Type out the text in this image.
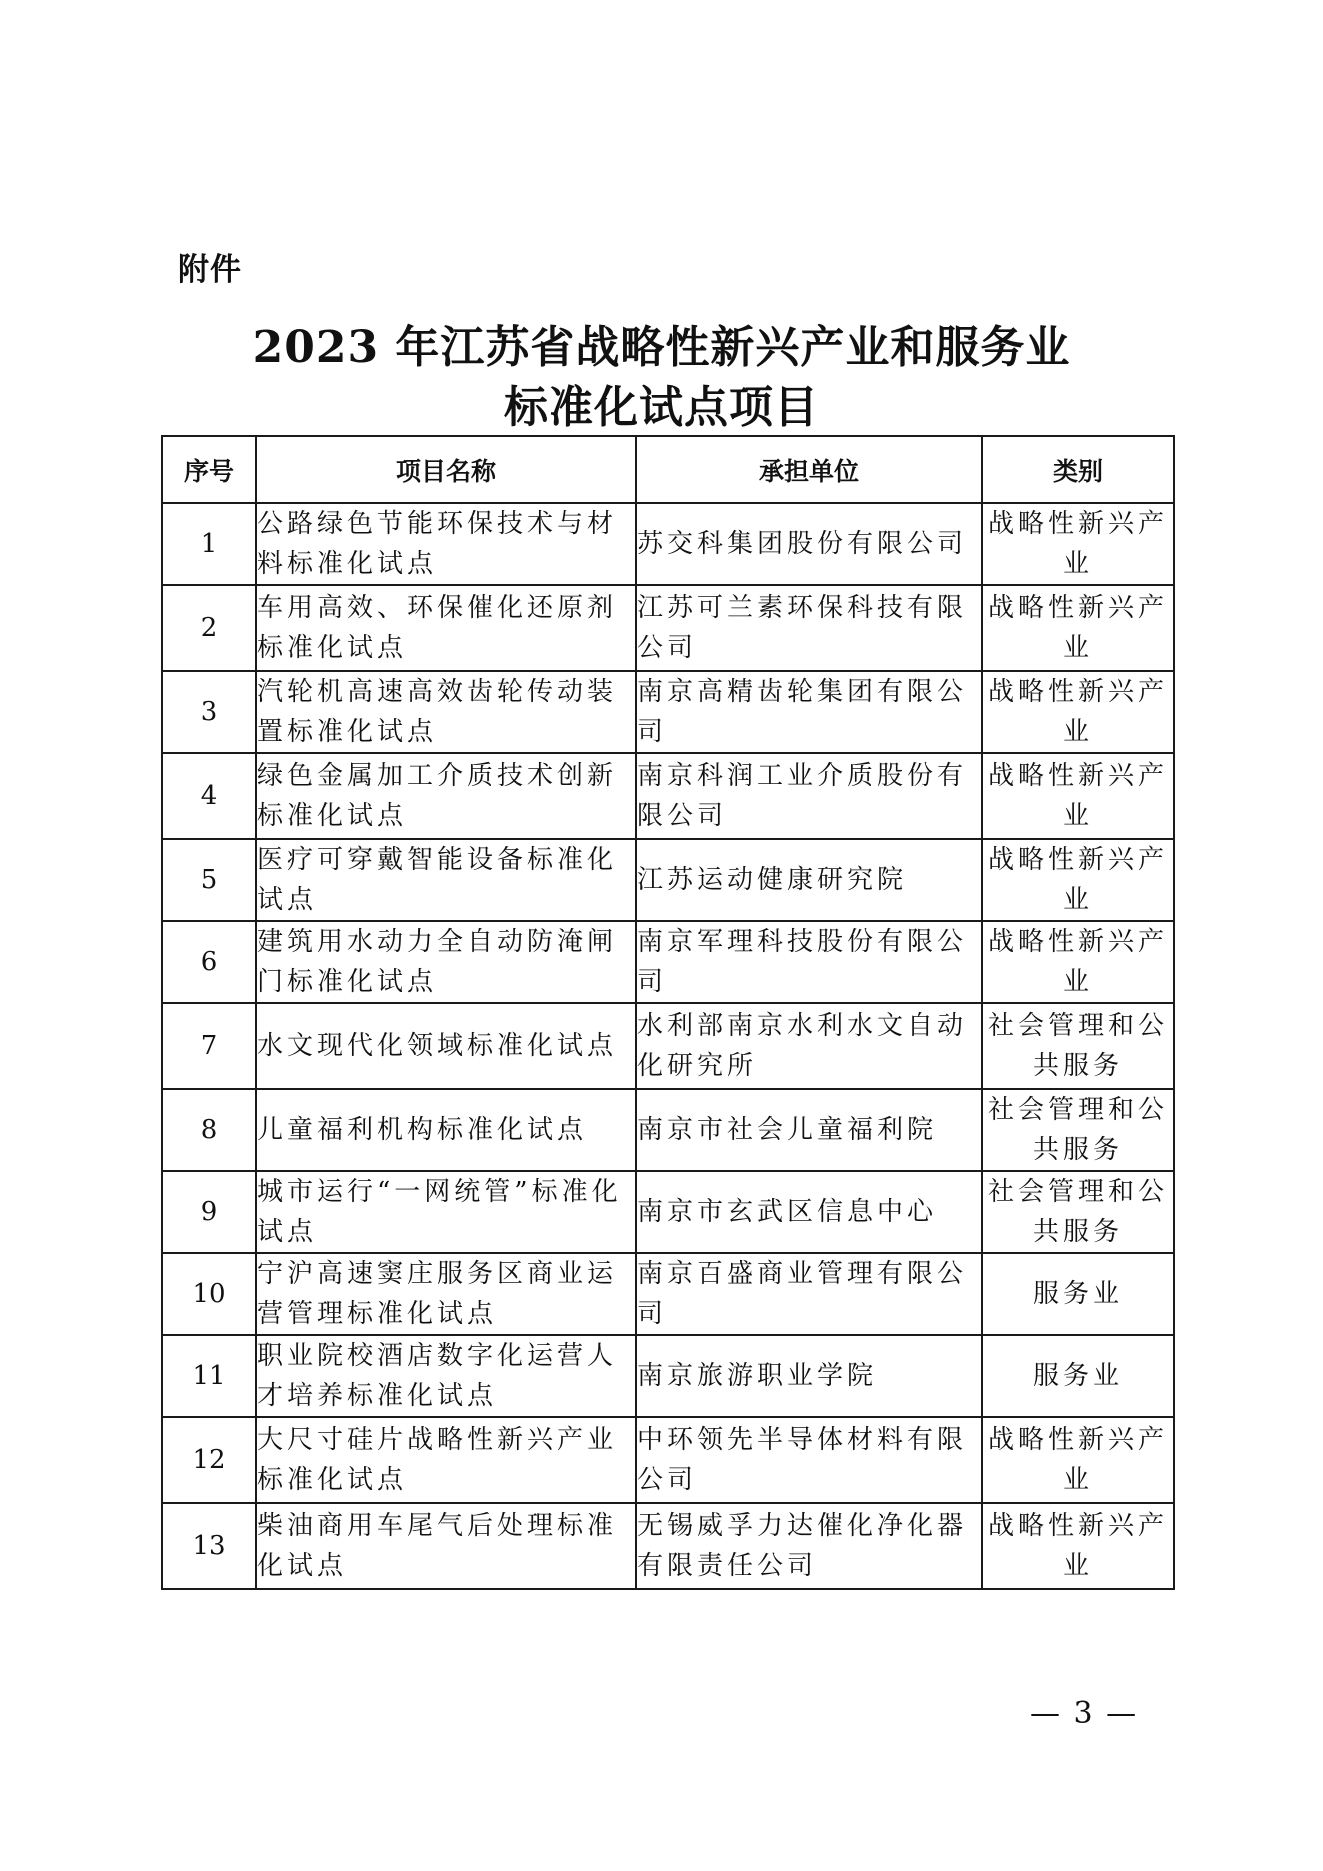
附件
2023 年江苏省战略性新兴产业和服务业
标准化试点项目
序号	项目名称	承担单位	类别
1	公路绿色节能环保技术与材料标准化试点	苏交科集团股份有限公司	战略性新兴产业
2	车用高效、环保催化还原剂标准化试点	江苏可兰素环保科技有限公司	战略性新兴产业
3	汽轮机高速高效齿轮传动装置标准化试点	南京高精齿轮集团有限公司	战略性新兴产业
4	绿色金属加工介质技术创新标准化试点	南京科润工业介质股份有限公司	战略性新兴产业
5	医疗可穿戴智能设备标准化试点	江苏运动健康研究院	战略性新兴产业
6	建筑用水动力全自动防淹闸门标准化试点	南京军理科技股份有限公司	战略性新兴产业
7	水文现代化领域标准化试点	水利部南京水利水文自动化研究所	社会管理和公共服务
8	儿童福利机构标准化试点	南京市社会儿童福利院	社会管理和公共服务
9	城市运行“一网统管”标准化试点	南京市玄武区信息中心	社会管理和公共服务
10	宁沪高速窦庄服务区商业运营管理标准化试点	南京百盛商业管理有限公司	服务业
11	职业院校酒店数字化运营人才培养标准化试点	南京旅游职业学院	服务业
12	大尺寸硅片战略性新兴产业标准化试点	中环领先半导体材料有限公司	战略性新兴产业
13	柴油商用车尾气后处理标准化试点	无锡威孚力达催化净化器有限责任公司	战略性新兴产业
— 3 —
